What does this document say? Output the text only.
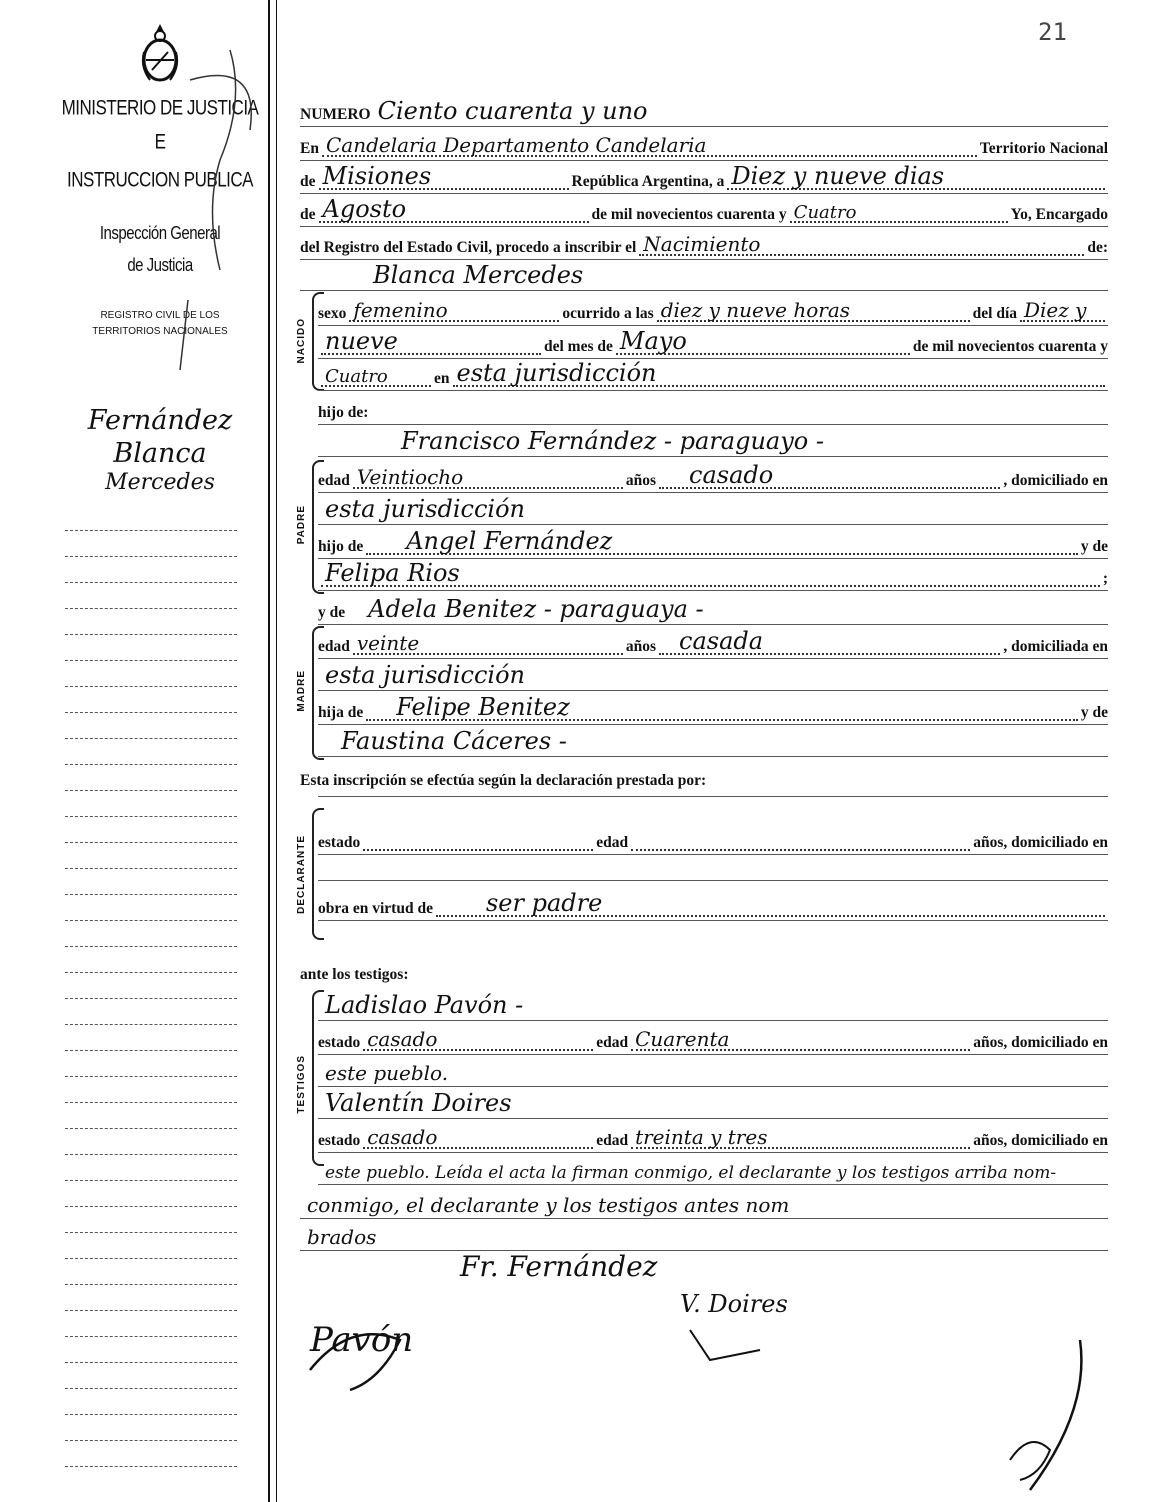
21
MINISTERIO DE JUSTICIA
E
INSTRUCCION PUBLICA
Inspección General
de Justicia
REGISTRO CIVIL DE LOS
TERRITORIOS NACIONALES
Fernández
Blanca
Mercedes
NUMERO Ciento cuarenta y uno
En Candelaria Departamento Candelaria	Territorio Nacional
de Misiones	República Argentina, a Diez y nueve dias
de Agosto	de mil novecientos cuarenta y Cuatro	Yo, Encargado
del Registro del Estado Civil, procedo a inscribir el Nacimiento	de:
Blanca Mercedes
NACIDO
sexo femenino	ocurrido a las diez y nueve horas	del día Diez y
nueve	del mes de Mayo	de mil novecientos cuarenta y
Cuatro	en esta jurisdicción
hijo de:
Francisco Fernández - paraguayo -
PADRE
edad Veintiocho	años casado	, domiciliado en
esta jurisdicción
hijo de Angel Fernández	y de
Felipa Rios	;
y de Adela Benitez - paraguaya -
MADRE
edad veinte	años casada	, domiciliada en
esta jurisdicción
hija de Felipe Benitez	y de
Faustina Cáceres -
Esta inscripción se efectúa según la declaración prestada por:
DECLARANTE estado	edad	años, domiciliado en
obra en virtud de ser padre
ante los testigos:
TESTIGOS
Ladislao Pavón -
estado casado	edad Cuarenta	años, domiciliado en
este pueblo.
Valentín Doires
estado casado	edad treinta y tres	años, domiciliado en
este pueblo. Leída el acta la firman conmigo, el declarante y los testigos arriba nom-
conmigo, el declarante y los testigos antes nom
brados
Fr. Fernández
V. Doires
Pavón
